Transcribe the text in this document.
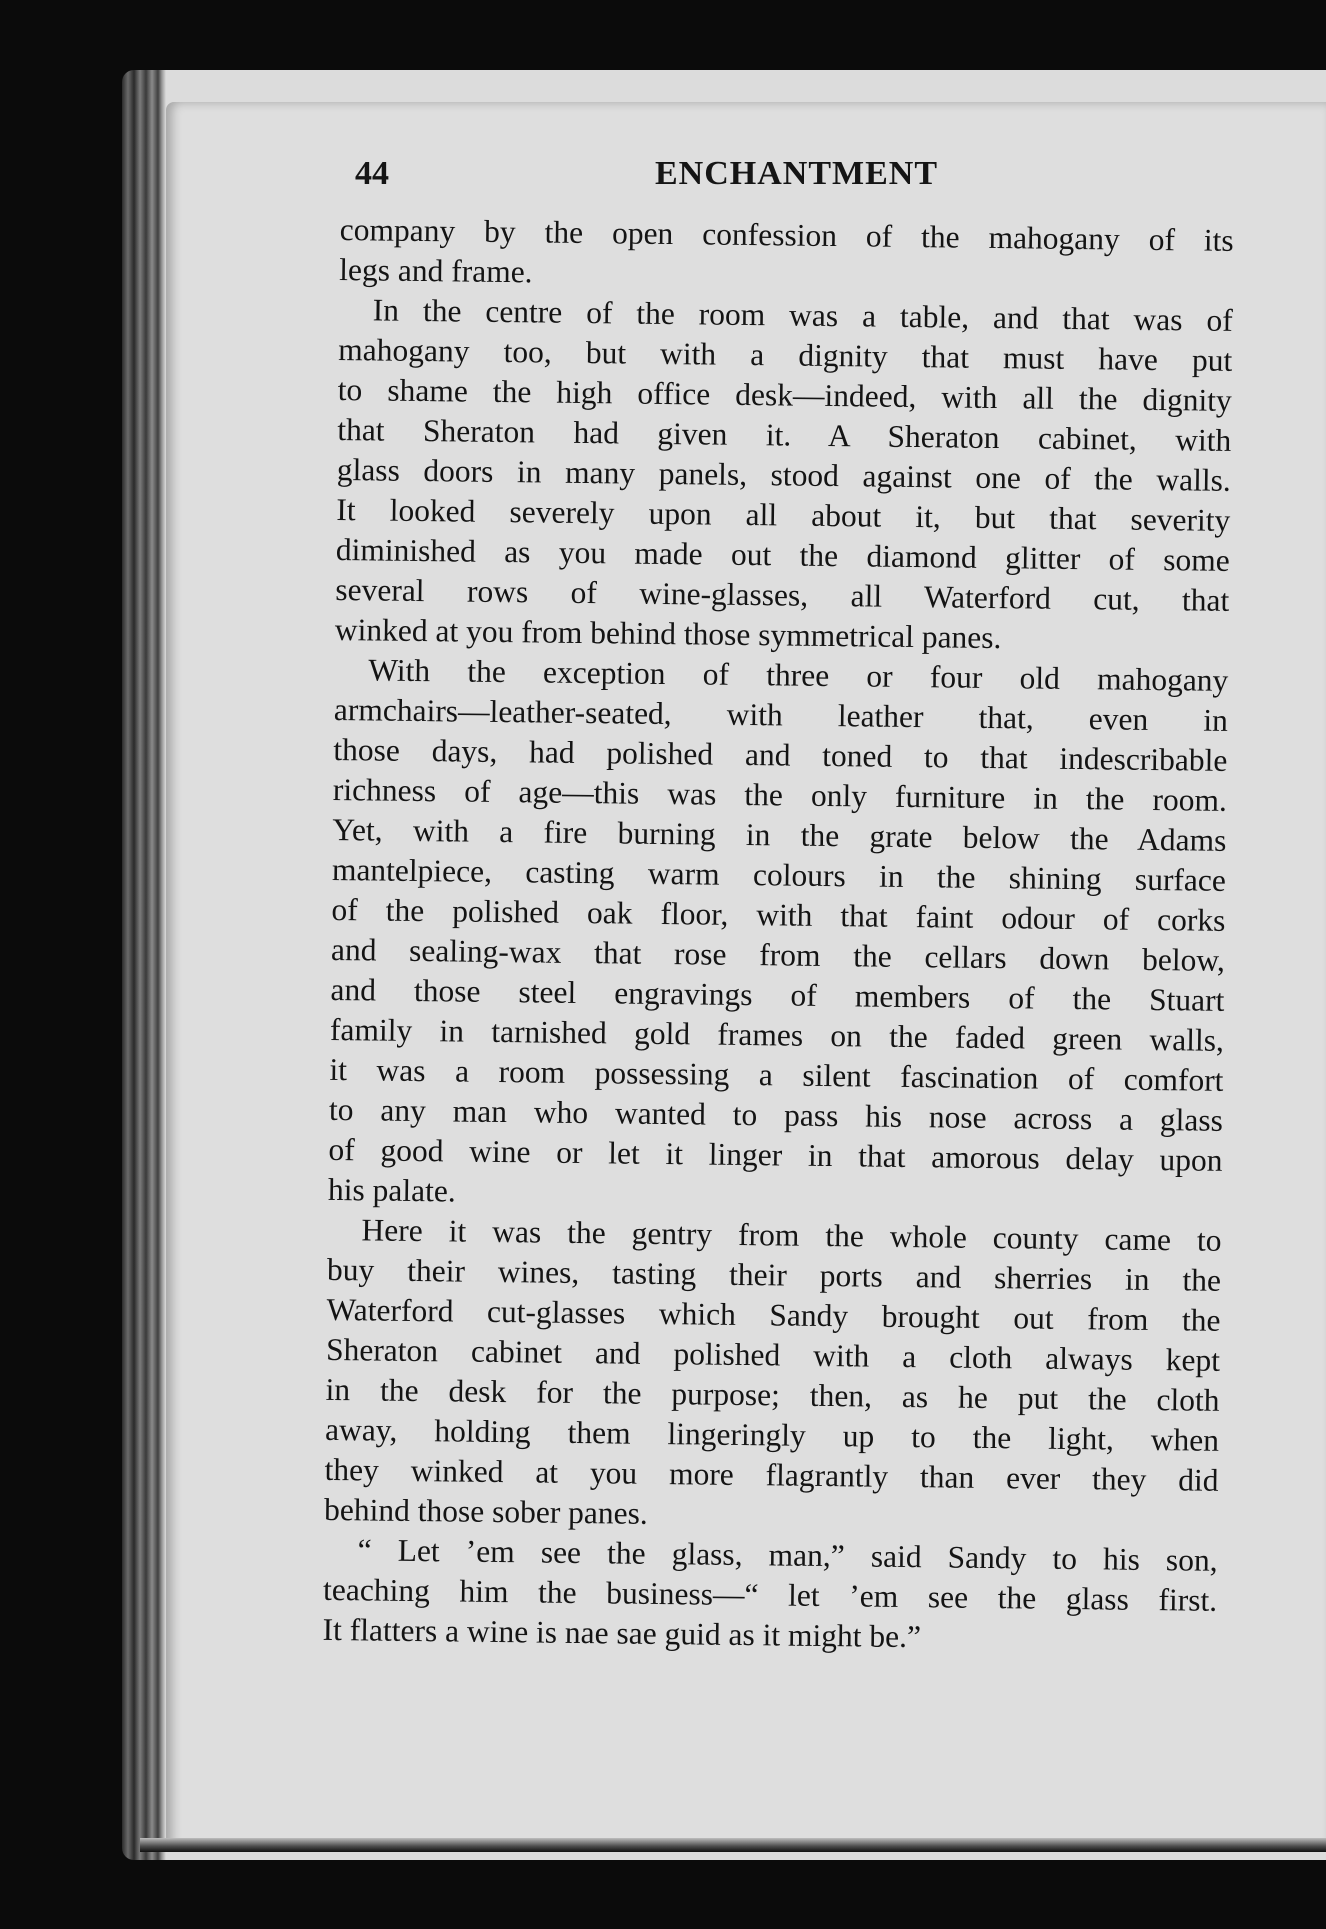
44	ENCHANTMENT
company by the open confession of the mahogany of its
legs and frame.
In the centre of the room was a table, and that was of
mahogany too, but with a dignity that must have put
to shame the high office desk—indeed, with all the dignity
that Sheraton had given it. A Sheraton cabinet, with
glass doors in many panels, stood against one of the walls.
It looked severely upon all about it, but that severity
diminished as you made out the diamond glitter of some
several rows of wine-glasses, all Waterford cut, that
winked at you from behind those symmetrical panes.
With the exception of three or four old mahogany
armchairs—leather-seated, with leather that, even in
those days, had polished and toned to that indescribable
richness of age—this was the only furniture in the room.
Yet, with a fire burning in the grate below the Adams
mantelpiece, casting warm colours in the shining surface
of the polished oak floor, with that faint odour of corks
and sealing-wax that rose from the cellars down below,
and those steel engravings of members of the Stuart
family in tarnished gold frames on the faded green walls,
it was a room possessing a silent fascination of comfort
to any man who wanted to pass his nose across a glass
of good wine or let it linger in that amorous delay upon
his palate.
Here it was the gentry from the whole county came to
buy their wines, tasting their ports and sherries in the
Waterford cut-glasses which Sandy brought out from the
Sheraton cabinet and polished with a cloth always kept
in the desk for the purpose; then, as he put the cloth
away, holding them lingeringly up to the light, when
they winked at you more flagrantly than ever they did
behind those sober panes.
“ Let ’em see the glass, man,” said Sandy to his son,
teaching him the business—“ let ’em see the glass first.
It flatters a wine is nae sae guid as it might be.”
